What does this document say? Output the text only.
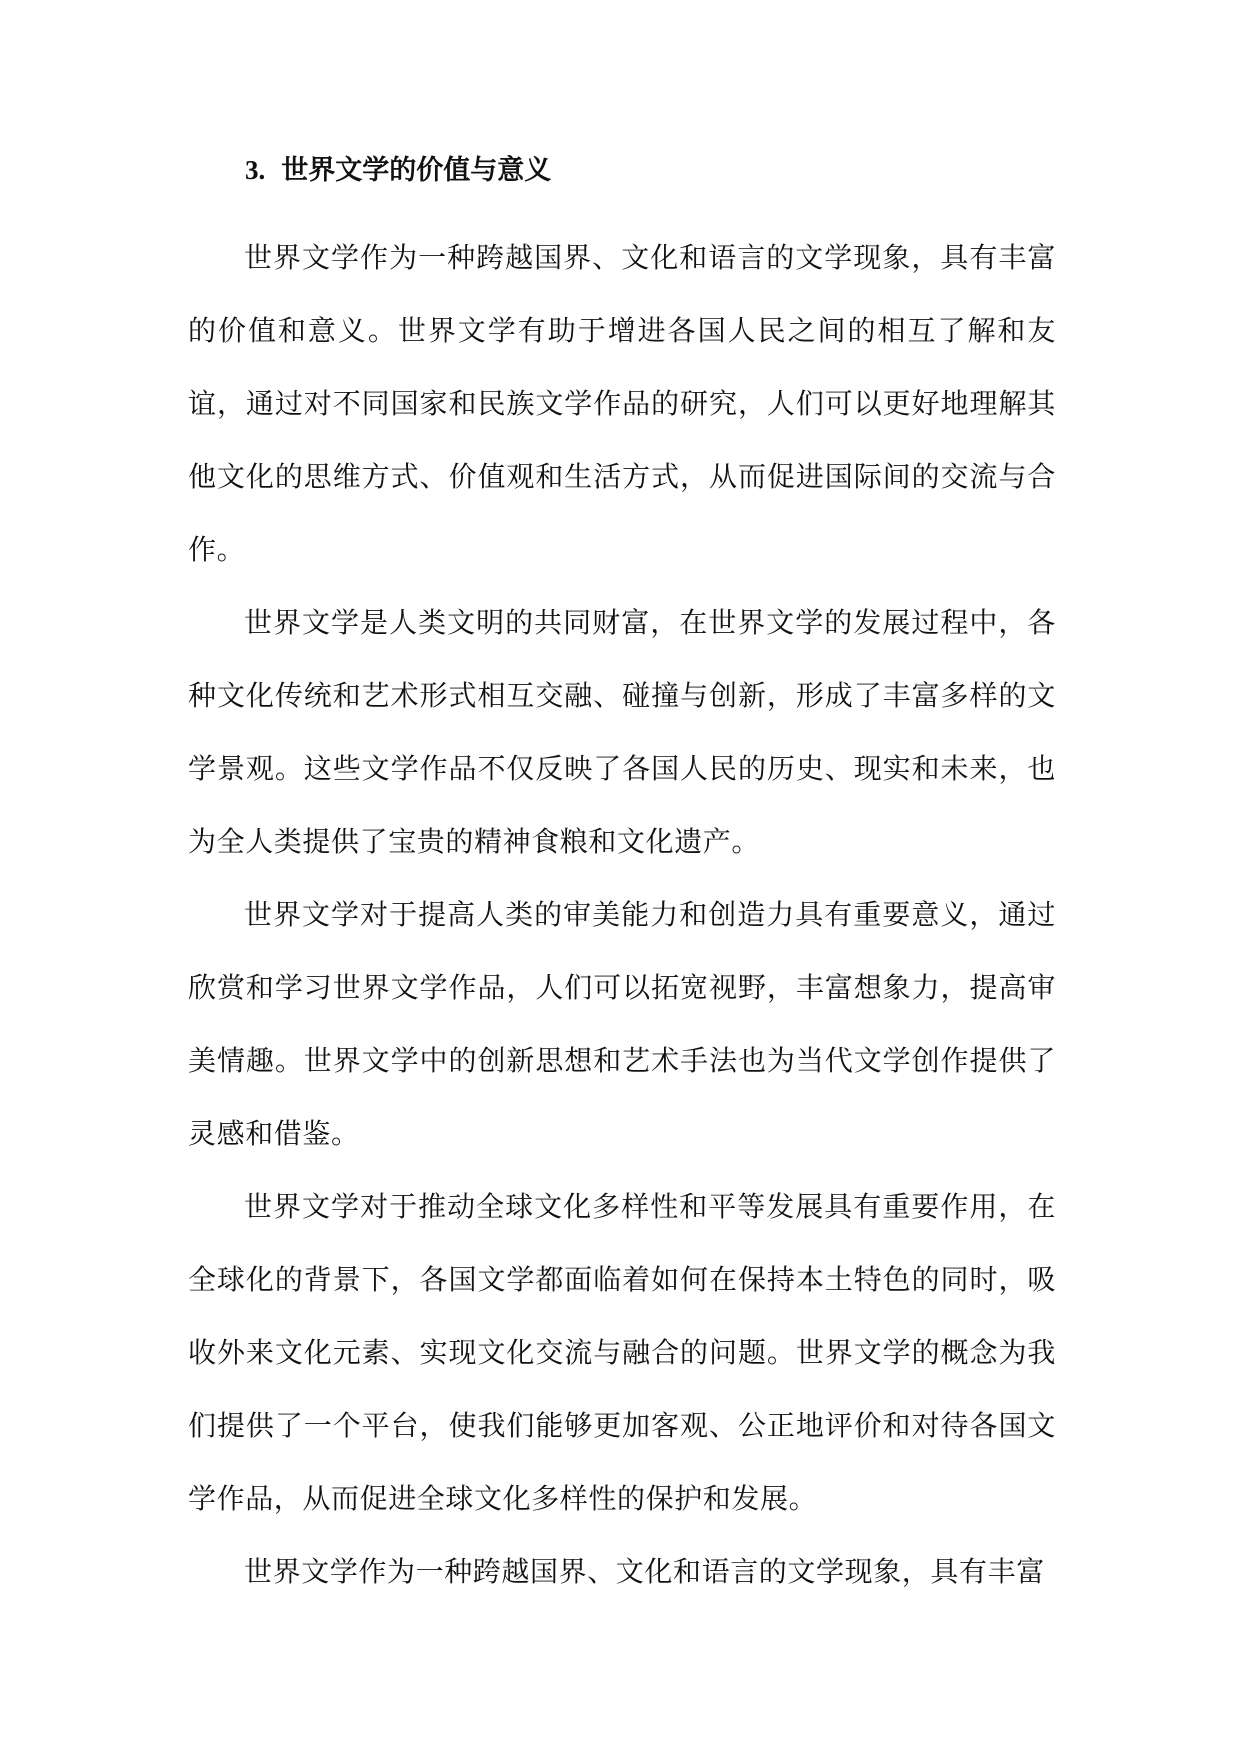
3. 世界文学的价值与意义

世界文学作为一种跨越国界、文化和语言的文学现象，具有丰富的价值和意义。世界文学有助于增进各国人民之间的相互了解和友谊，通过对不同国家和民族文学作品的研究，人们可以更好地理解其他文化的思维方式、价值观和生活方式，从而促进国际间的交流与合作。

世界文学是人类文明的共同财富，在世界文学的发展过程中，各种文化传统和艺术形式相互交融、碰撞与创新，形成了丰富多样的文学景观。这些文学作品不仅反映了各国人民的历史、现实和未来，也为全人类提供了宝贵的精神食粮和文化遗产。

世界文学对于提高人类的审美能力和创造力具有重要意义，通过欣赏和学习世界文学作品，人们可以拓宽视野，丰富想象力，提高审美情趣。世界文学中的创新思想和艺术手法也为当代文学创作提供了灵感和借鉴。

世界文学对于推动全球文化多样性和平等发展具有重要作用，在全球化的背景下，各国文学都面临着如何在保持本土特色的同时，吸收外来文化元素、实现文化交流与融合的问题。世界文学的概念为我们提供了一个平台，使我们能够更加客观、公正地评价和对待各国文学作品，从而促进全球文化多样性的保护和发展。

世界文学作为一种跨越国界、文化和语言的文学现象，具有丰富
